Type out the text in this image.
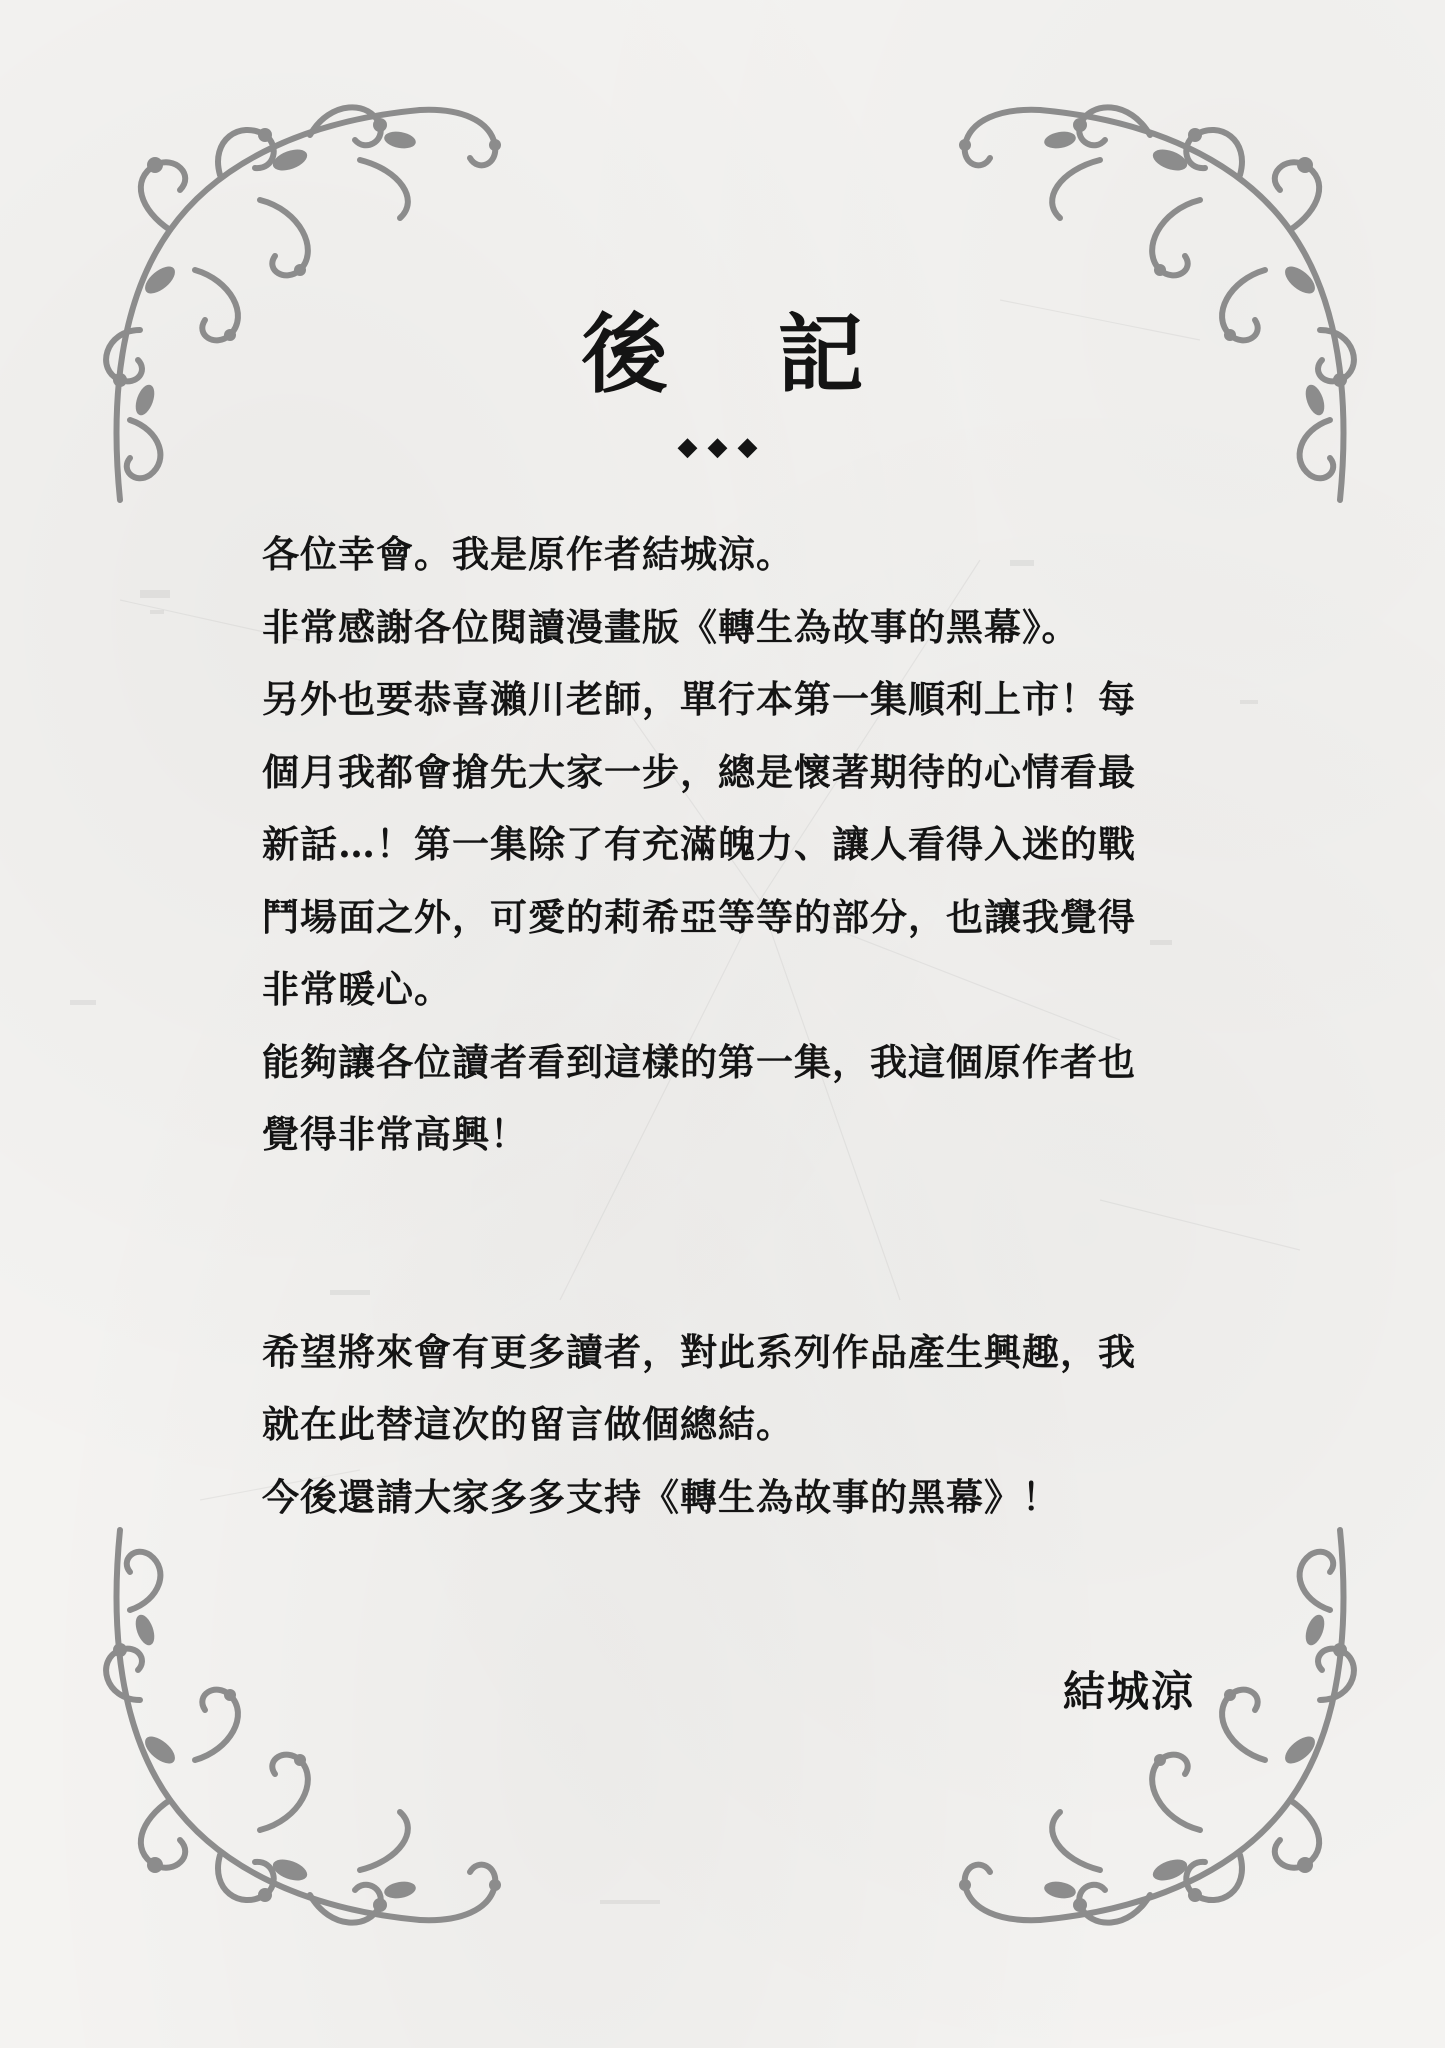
後 記
◆◆◆
各位幸會。我是原作者結城涼。
非常感謝各位閱讀漫畫版《轉生為故事的黑幕》。
另外也要恭喜瀨川老師，單行本第一集順利上市！每
個月我都會搶先大家一步，總是懷著期待的心情看最
新話…！第一集除了有充滿魄力、讓人看得入迷的戰
鬥場面之外，可愛的莉希亞等等的部分，也讓我覺得
非常暖心。
能夠讓各位讀者看到這樣的第一集，我這個原作者也
覺得非常高興！
希望將來會有更多讀者，對此系列作品產生興趣，我
就在此替這次的留言做個總結。
今後還請大家多多支持《轉生為故事的黑幕》！
結城涼
